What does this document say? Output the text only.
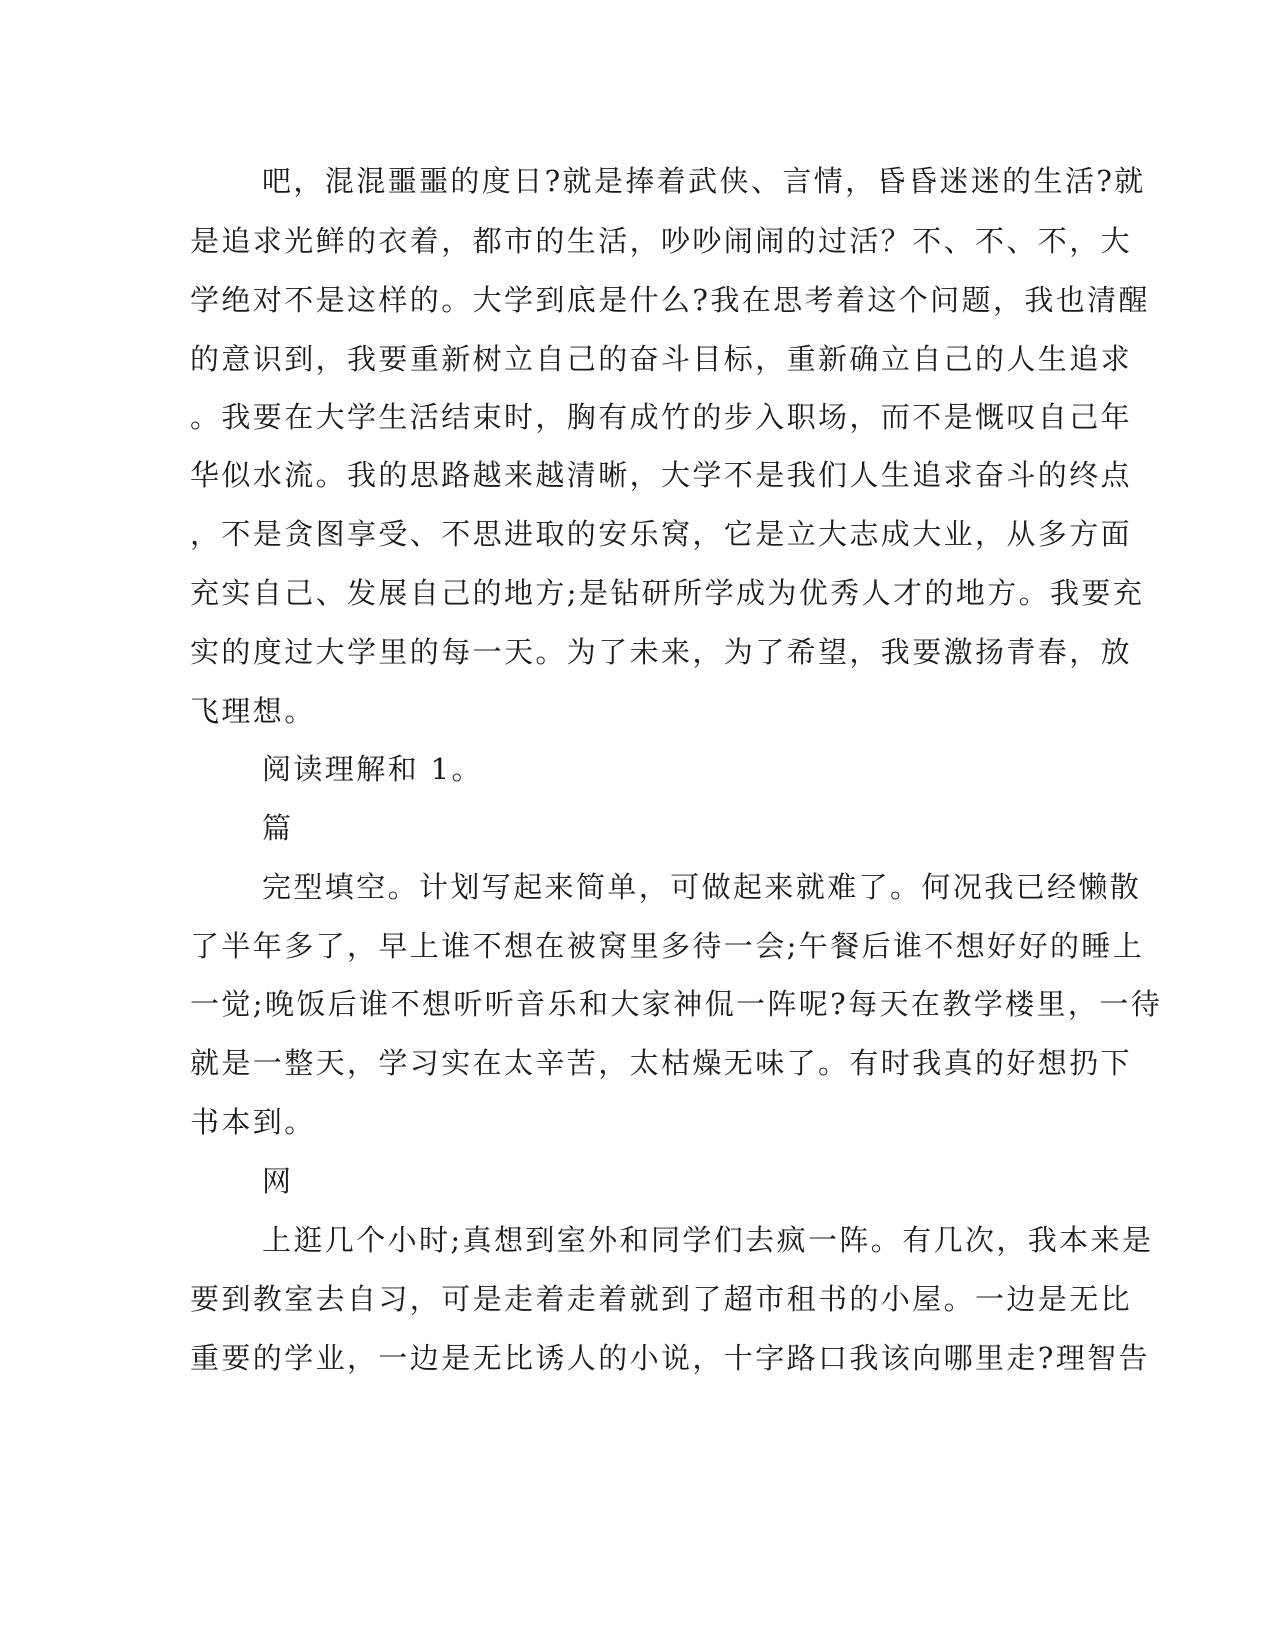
吧，混混噩噩的度日?就是捧着武侠、言情，昏昏迷迷的生活?就
是追求光鲜的衣着，都市的生活，吵吵闹闹的过活？不、不、不，大
学绝对不是这样的。大学到底是什么?我在思考着这个问题，我也清醒
的意识到，我要重新树立自己的奋斗目标，重新确立自己的人生追求
。我要在大学生活结束时，胸有成竹的步入职场，而不是慨叹自己年
华似水流。我的思路越来越清晰，大学不是我们人生追求奋斗的终点
，不是贪图享受、不思进取的安乐窝，它是立大志成大业，从多方面
充实自己、发展自己的地方;是钻研所学成为优秀人才的地方。我要充
实的度过大学里的每一天。为了未来，为了希望，我要激扬青春，放
飞理想。
阅读理解和 1。
篇
完型填空。计划写起来简单，可做起来就难了。何况我已经懒散
了半年多了，早上谁不想在被窝里多待一会;午餐后谁不想好好的睡上
一觉;晚饭后谁不想听听音乐和大家神侃一阵呢?每天在教学楼里，一待
就是一整天，学习实在太辛苦，太枯燥无味了。有时我真的好想扔下
书本到。
网
上逛几个小时;真想到室外和同学们去疯一阵。有几次，我本来是
要到教室去自习，可是走着走着就到了超市租书的小屋。一边是无比
重要的学业，一边是无比诱人的小说，十字路口我该向哪里走?理智告
